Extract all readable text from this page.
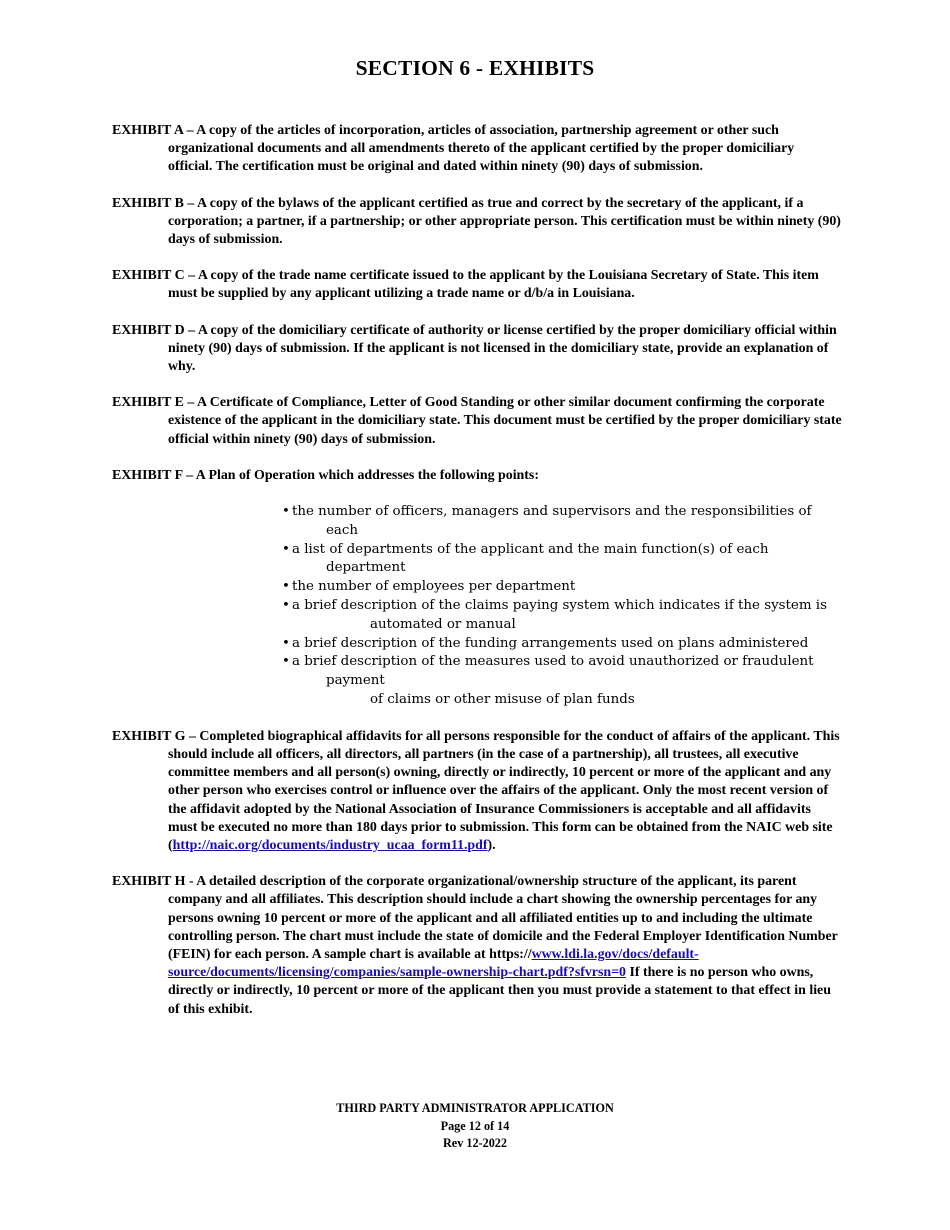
SECTION 6 - EXHIBITS

EXHIBIT A – A copy of the articles of incorporation, articles of association, partnership agreement or other such organizational documents and all amendments thereto of the applicant certified by the proper domiciliary official. The certification must be original and dated within ninety (90) days of submission.

EXHIBIT B – A copy of the bylaws of the applicant certified as true and correct by the secretary of the applicant, if a corporation; a partner, if a partnership; or other appropriate person. This certification must be within ninety (90) days of submission.

EXHIBIT C – A copy of the trade name certificate issued to the applicant by the Louisiana Secretary of State. This item must be supplied by any applicant utilizing a trade name or d/b/a in Louisiana.

EXHIBIT D – A copy of the domiciliary certificate of authority or license certified by the proper domiciliary official within ninety (90) days of submission. If the applicant is not licensed in the domiciliary state, provide an explanation of why.

EXHIBIT E – A Certificate of Compliance, Letter of Good Standing or other similar document confirming the corporate existence of the applicant in the domiciliary state. This document must be certified by the proper domiciliary state official within ninety (90) days of submission.

EXHIBIT F – A Plan of Operation which addresses the following points:
• the number of officers, managers and supervisors and the responsibilities of each
• a list of departments of the applicant and the main function(s) of each department
• the number of employees per department
• a brief description of the claims paying system which indicates if the system is
automated or manual
• a brief description of the funding arrangements used on plans administered
• a brief description of the measures used to avoid unauthorized or fraudulent payment
of claims or other misuse of plan funds

EXHIBIT G – Completed biographical affidavits for all persons responsible for the conduct of affairs of the applicant. This should include all officers, all directors, all partners (in the case of a partnership), all trustees, all executive committee members and all person(s) owning, directly or indirectly, 10 percent or more of the applicant and any other person who exercises control or influence over the affairs of the applicant. Only the most recent version of the affidavit adopted by the National Association of Insurance Commissioners is acceptable and all affidavits must be executed no more than 180 days prior to submission. This form can be obtained from the NAIC web site (http://naic.org/documents/industry_ucaa_form11.pdf).

EXHIBIT H - A detailed description of the corporate organizational/ownership structure of the applicant, its parent company and all affiliates. This description should include a chart showing the ownership percentages for any persons owning 10 percent or more of the applicant and all affiliated entities up to and including the ultimate controlling person. The chart must include the state of domicile and the Federal Employer Identification Number (FEIN) for each person. A sample chart is available at https://www.ldi.la.gov/docs/default-source/documents/licensing/companies/sample-ownership-chart.pdf?sfvrsn=0 If there is no person who owns, directly or indirectly, 10 percent or more of the applicant then you must provide a statement to that effect in lieu of this exhibit.

THIRD PARTY ADMINISTRATOR APPLICATION
Page 12 of 14
Rev 12-2022
